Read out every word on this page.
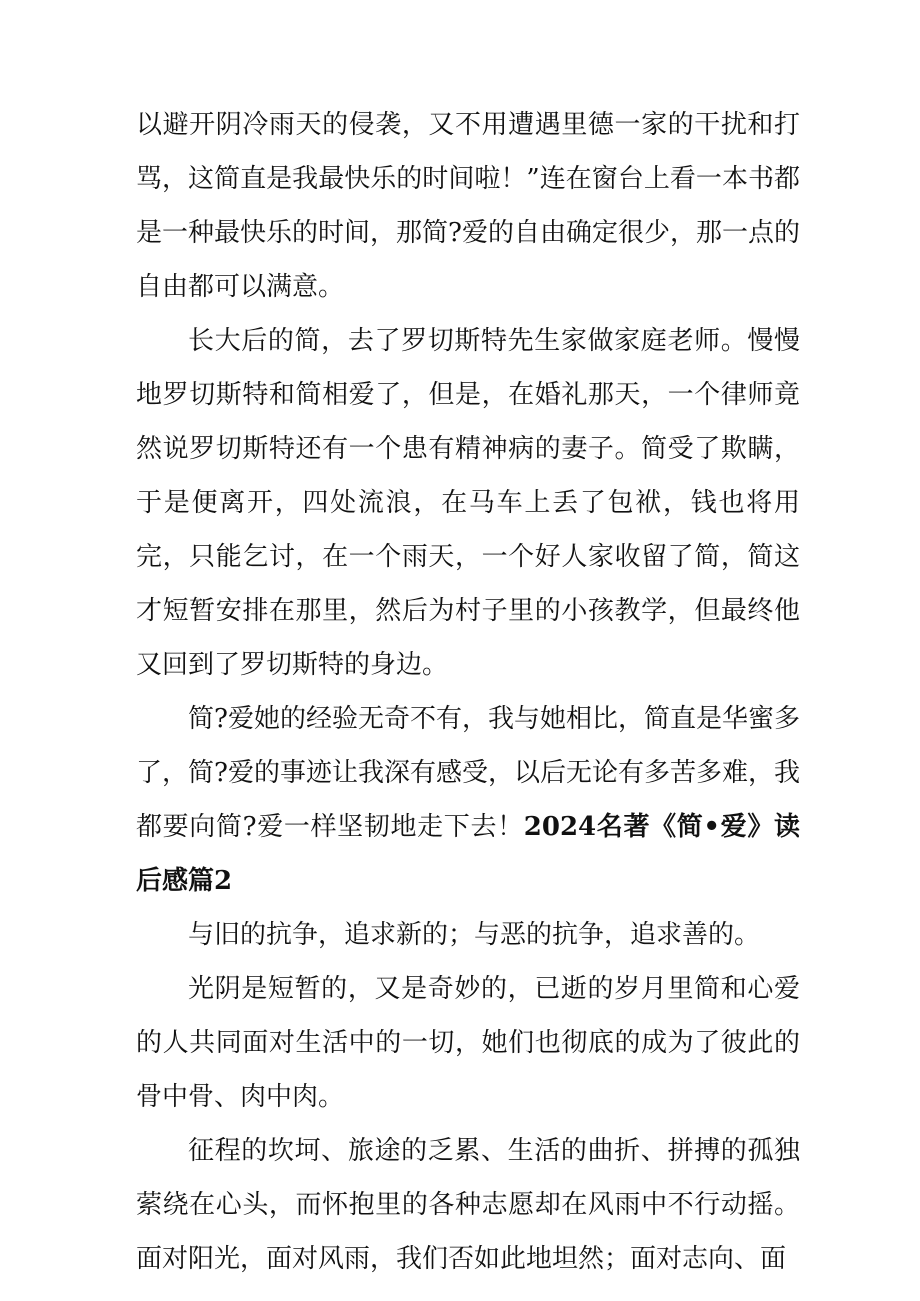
以避开阴冷雨天的侵袭，又不用遭遇里德一家的干扰和打骂，这简直是我最快乐的时间啦！”连在窗台上看一本书都是一种最快乐的时间，那简?爱的自由确定很少，那一点的自由都可以满意。

长大后的简，去了罗切斯特先生家做家庭老师。慢慢地罗切斯特和简相爱了，但是，在婚礼那天，一个律师竟然说罗切斯特还有一个患有精神病的妻子。简受了欺瞒，于是便离开，四处流浪，在马车上丢了包袱，钱也将用完，只能乞讨，在一个雨天，一个好人家收留了简，简这才短暂安排在那里，然后为村子里的小孩教学，但最终他又回到了罗切斯特的身边。

简?爱她的经验无奇不有，我与她相比，简直是华蜜多了，简?爱的事迹让我深有感受，以后无论有多苦多难，我都要向简?爱一样坚韧地走下去！2024名著《简•爱》读后感篇2

与旧的抗争，追求新的；与恶的抗争，追求善的。

光阴是短暂的，又是奇妙的，已逝的岁月里简和心爱的人共同面对生活中的一切，她们也彻底的成为了彼此的骨中骨、肉中肉。

征程的坎坷、旅途的乏累、生活的曲折、拼搏的孤独萦绕在心头，而怀抱里的各种志愿却在风雨中不行动摇。面对阳光，面对风雨，我们否如此地坦然；面对志向、面
